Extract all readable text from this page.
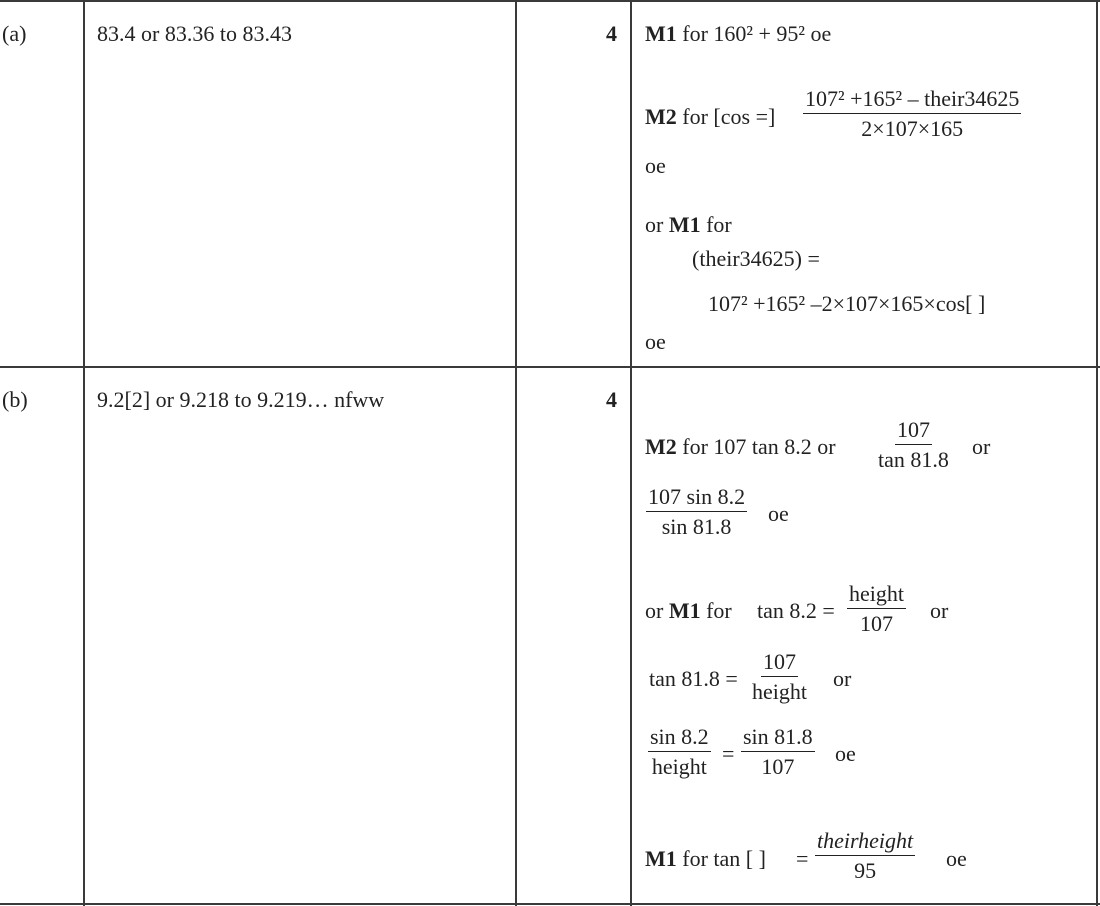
(a)	83.4 or 83.36 to 83.43	4 M1 for 160² + 95² oe
M2 for [cos =]
107² +165² – their34625
2×107×165
oe
or M1 for
(their34625) =
107² +165² –2×107×165×cos[ ]
oe
(b)	9.2[2] or 9.218 to 9.219… nfww	4
M2 for 107 tan 8.2 or $\frac{107}{\tan 81.8}$ or
$\frac{107 \sin 8.2}{\sin 81.8}$ oe
or M1 for tan 8.2 =
height
107
or
tan 81.8 =
107
height
or
sin 8.2
height
= $\frac{\sin 81.8}{107}$ oe
M1 for tan [ ] =
theirheight
95	oe
